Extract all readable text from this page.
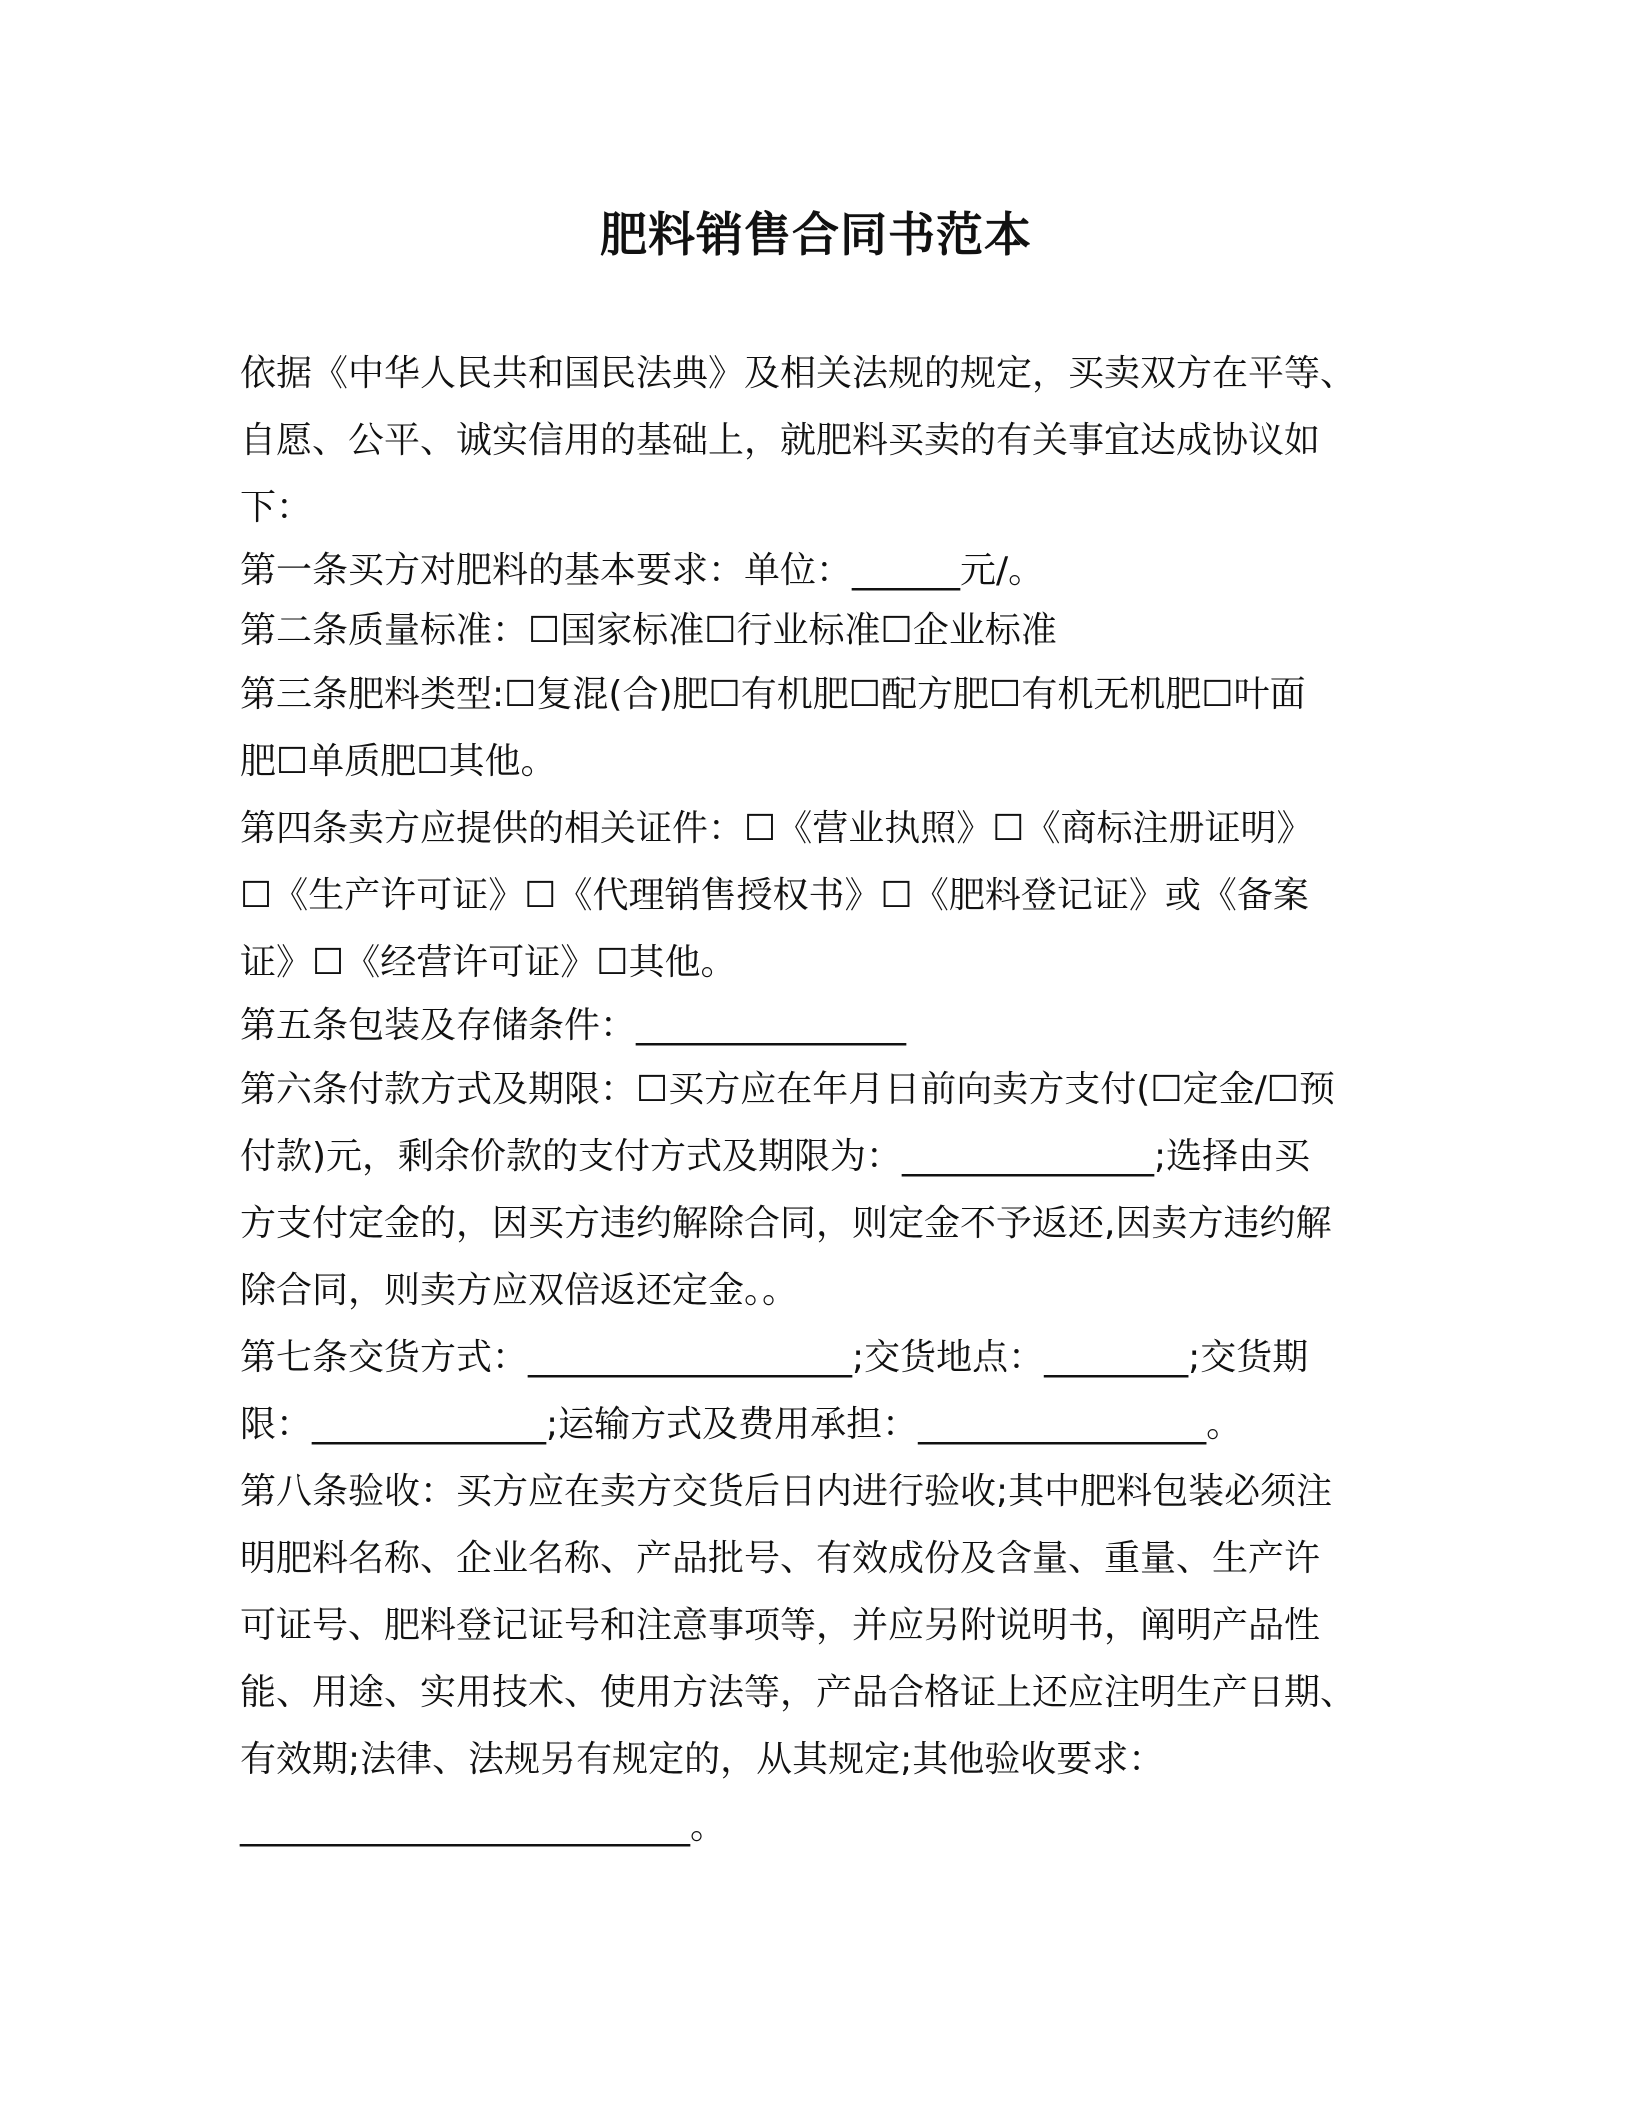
肥料销售合同书范本
依据《中华人民共和国民法典》及相关法规的规定，买卖双方在平等、
自愿、公平、诚实信用的基础上，就肥料买卖的有关事宜达成协议如
下：
第一条买方对肥料的基本要求：单位：______元/。
第二条质量标准：☐国家标准☐行业标准☐企业标准
第三条肥料类型:☐复混(合)肥☐有机肥☐配方肥☐有机无机肥☐叶面
肥☐单质肥☐其他。
第四条卖方应提供的相关证件：☐《营业执照》☐《商标注册证明》
☐《生产许可证》☐《代理销售授权书》☐《肥料登记证》或《备案
证》☐《经营许可证》☐其他。
第五条包装及存储条件：_______________
第六条付款方式及期限：☐买方应在年月日前向卖方支付(☐定金/☐预
付款)元，剩余价款的支付方式及期限为：______________;选择由买
方支付定金的，因买方违约解除合同，则定金不予返还,因卖方违约解
除合同，则卖方应双倍返还定金。。
第七条交货方式：__________________;交货地点：________;交货期
限：_____________;运输方式及费用承担：________________。
第八条验收：买方应在卖方交货后日内进行验收;其中肥料包装必须注
明肥料名称、企业名称、产品批号、有效成份及含量、重量、生产许
可证号、肥料登记证号和注意事项等，并应另附说明书，阐明产品性
能、用途、实用技术、使用方法等，产品合格证上还应注明生产日期、
有效期;法律、法规另有规定的，从其规定;其他验收要求：
_________________________。
